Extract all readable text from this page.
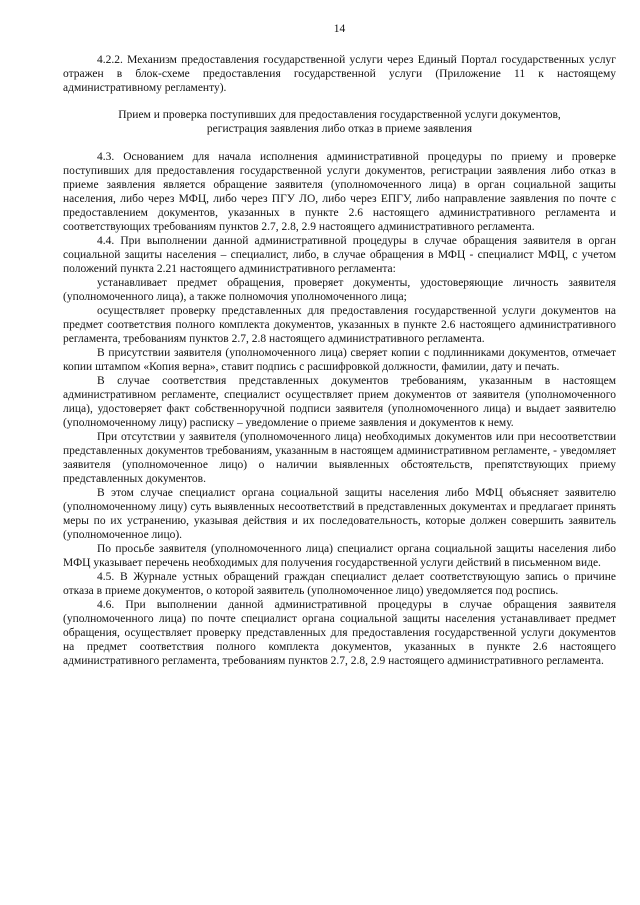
14

4.2.2. Механизм предоставления государственной услуги через Единый Портал государственных услуг отражен в блок-схеме предоставления государственной услуги (Приложение 11 к настоящему административному регламенту).

Прием и проверка поступивших для предоставления государственной услуги документов,
регистрация заявления либо отказ в приеме заявления

4.3. Основанием для начала исполнения административной процедуры по приему и проверке поступивших для предоставления государственной услуги документов, регистрации заявления либо отказ в приеме заявления является обращение заявителя (уполномоченного лица) в орган социальной защиты населения, либо через МФЦ, либо через ПГУ ЛО, либо через ЕПГУ, либо направление заявления по почте с предоставлением документов, указанных в пункте 2.6 настоящего административного регламента и соответствующих требованиям пунктов 2.7, 2.8, 2.9 настоящего административного регламента.

4.4. При выполнении данной административной процедуры в случае обращения заявителя в орган социальной защиты населения – специалист, либо, в случае обращения в МФЦ - специалист МФЦ, с учетом положений пункта 2.21 настоящего административного регламента:

устанавливает предмет обращения, проверяет документы, удостоверяющие личность заявителя (уполномоченного лица), а также полномочия уполномоченного лица;

осуществляет проверку представленных для предоставления государственной услуги документов на предмет соответствия полного комплекта документов, указанных в пункте 2.6 настоящего административного регламента, требованиям пунктов 2.7, 2.8 настоящего административного регламента.

В присутствии заявителя (уполномоченного лица) сверяет копии с подлинниками документов, отмечает копии штампом «Копия верна», ставит подпись с расшифровкой должности, фамилии, дату и печать.

В случае соответствия представленных документов требованиям, указанным в настоящем административном регламенте, специалист осуществляет прием документов от заявителя (уполномоченного лица), удостоверяет факт собственноручной подписи заявителя (уполномоченного лица) и выдает заявителю (уполномоченному лицу) расписку – уведомление о приеме заявления и документов к нему.

При отсутствии у заявителя (уполномоченного лица) необходимых документов или при несоответствии представленных документов требованиям, указанным в настоящем административном регламенте, - уведомляет заявителя (уполномоченное лицо) о наличии выявленных обстоятельств, препятствующих приему представленных документов.

В этом случае специалист органа социальной защиты населения либо МФЦ объясняет заявителю (уполномоченному лицу) суть выявленных несоответствий в представленных документах и предлагает принять меры по их устранению, указывая действия и их последовательность, которые должен совершить заявитель (уполномоченное лицо).

По просьбе заявителя (уполномоченного лица) специалист органа социальной защиты населения либо МФЦ указывает перечень необходимых для получения государственной услуги действий в письменном виде.

4.5. В Журнале устных обращений граждан специалист делает соответствующую запись о причине отказа в приеме документов, о которой заявитель (уполномоченное лицо) уведомляется под роспись.

4.6. При выполнении данной административной процедуры в случае обращения заявителя (уполномоченного лица) по почте специалист органа социальной защиты населения устанавливает предмет обращения, осуществляет проверку представленных для предоставления государственной услуги документов на предмет соответствия полного комплекта документов, указанных в пункте 2.6 настоящего административного регламента, требованиям пунктов 2.7, 2.8, 2.9 настоящего административного регламента.
